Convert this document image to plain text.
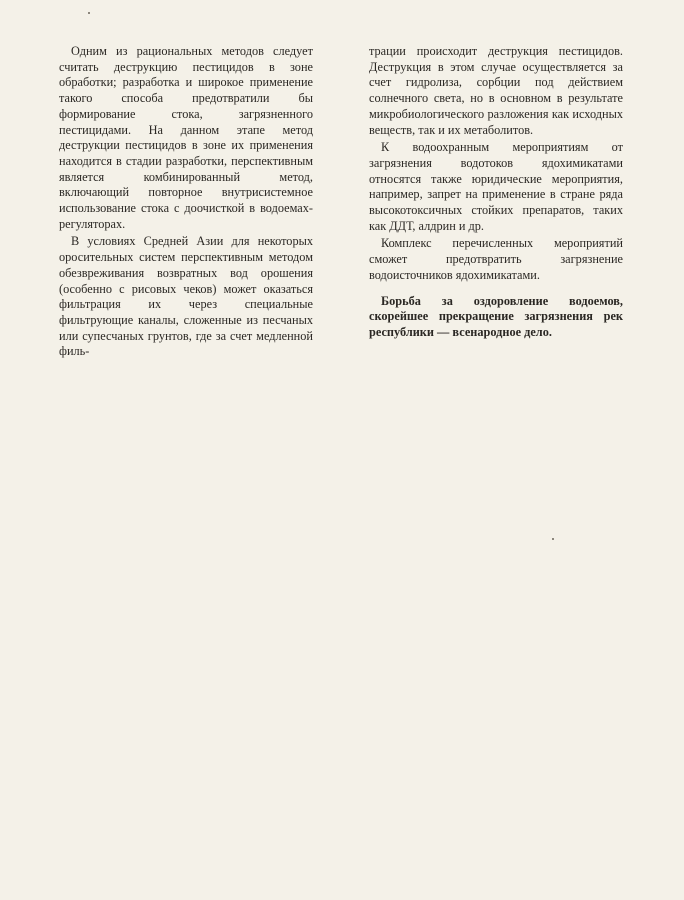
Одним из рациональных методов следует считать деструкцию пестицидов в зоне обработки; разработка и широкое применение такого способа предотвратили бы формирование стока, загрязненного пестицидами. На данном этапе метод деструкции пестицидов в зоне их применения находится в стадии разработки, перспективным является комбинированный метод, включающий повторное внутрисистемное использование стока с доочисткой в водоемах-регуляторах.

В условиях Средней Азии для некоторых оросительных систем перспективным методом обезвреживания возвратных вод орошения (особенно с рисовых чеков) может оказаться фильтрация их через специальные фильтрующие каналы, сложенные из песчаных или супесчаных грунтов, где за счет медленной филь-

трации происходит деструкция пестицидов. Деструкция в этом случае осуществляется за счет гидролиза, сорбции под действием солнечного света, но в основном в результате микробиологического разложения как исходных веществ, так и их метаболитов.

К водоохранным мероприятиям от загрязнения водотоков ядохимикатами относятся также юридические мероприятия, например, запрет на применение в стране ряда высокотоксичных стойких препаратов, таких как ДДТ, алдрин и др.

Комплекс перечисленных мероприятий сможет предотвратить загрязнение водоисточников ядохимикатами.

Борьба за оздоровление водоемов, скорейшее прекращение загрязнения рек республики — всенародное дело.
